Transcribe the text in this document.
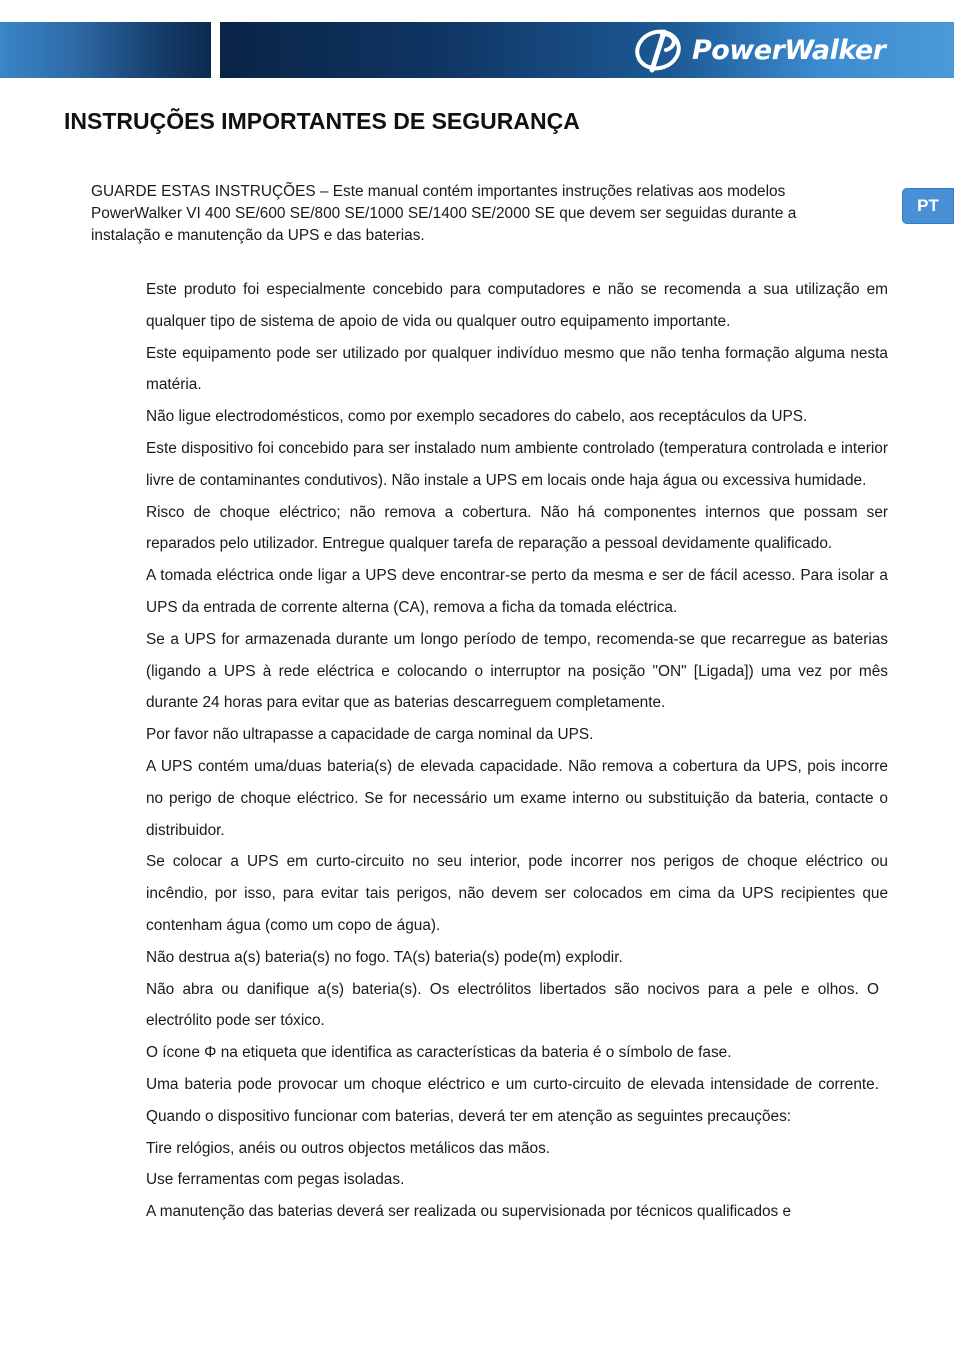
PowerWalker
INSTRUÇÕES IMPORTANTES DE SEGURANÇA
PT

GUARDE ESTAS INSTRUÇÕES – Este manual contém importantes instruções relativas aos modelos PowerWalker VI 400 SE/600 SE/800 SE/1000 SE/1400 SE/2000 SE que devem ser seguidas durante a instalação e manutenção da UPS e das baterias.

Este produto foi especialmente concebido para computadores e não se recomenda a sua utilização em qualquer tipo de sistema de apoio de vida ou qualquer outro equipamento importante.
Este equipamento pode ser utilizado por qualquer indivíduo mesmo que não tenha formação alguma nesta matéria.
Não ligue electrodomésticos, como por exemplo secadores do cabelo, aos receptáculos da UPS.
Este dispositivo foi concebido para ser instalado num ambiente controlado (temperatura controlada e interior livre de contaminantes condutivos). Não instale a UPS em locais onde haja água ou excessiva humidade.
Risco de choque eléctrico; não remova a cobertura. Não há componentes internos que possam ser reparados pelo utilizador. Entregue qualquer tarefa de reparação a pessoal devidamente qualificado.
A tomada eléctrica onde ligar a UPS deve encontrar-se perto da mesma e ser de fácil acesso. Para isolar a UPS da entrada de corrente alterna (CA), remova a ficha da tomada eléctrica.
Se a UPS for armazenada durante um longo período de tempo, recomenda-se que recarregue as baterias (ligando a UPS à rede eléctrica e colocando o interruptor na posição "ON" [Ligada]) uma vez por mês durante 24 horas para evitar que as baterias descarreguem completamente.
Por favor não ultrapasse a capacidade de carga nominal da UPS.
A UPS contém uma/duas bateria(s) de elevada capacidade. Não remova a cobertura da UPS, pois incorre no perigo de choque eléctrico. Se for necessário um exame interno ou substituição da bateria, contacte o distribuidor.
Se colocar a UPS em curto-circuito no seu interior, pode incorrer nos perigos de choque eléctrico ou incêndio, por isso, para evitar tais perigos, não devem ser colocados em cima da UPS recipientes que contenham água (como um copo de água).
Não destrua a(s) bateria(s) no fogo. TA(s) bateria(s) pode(m) explodir.
Não abra ou danifique a(s) bateria(s). Os electrólitos libertados são nocivos para a pele e olhos. O electrólito pode ser tóxico.
O ícone Φ na etiqueta que identifica as características da bateria é o símbolo de fase.
Uma bateria pode provocar um choque eléctrico e um curto-circuito de elevada intensidade de corrente. Quando o dispositivo funcionar com baterias, deverá ter em atenção as seguintes precauções:
Tire relógios, anéis ou outros objectos metálicos das mãos.
Use ferramentas com pegas isoladas.
A manutenção das baterias deverá ser realizada ou supervisionada por técnicos qualificados e
